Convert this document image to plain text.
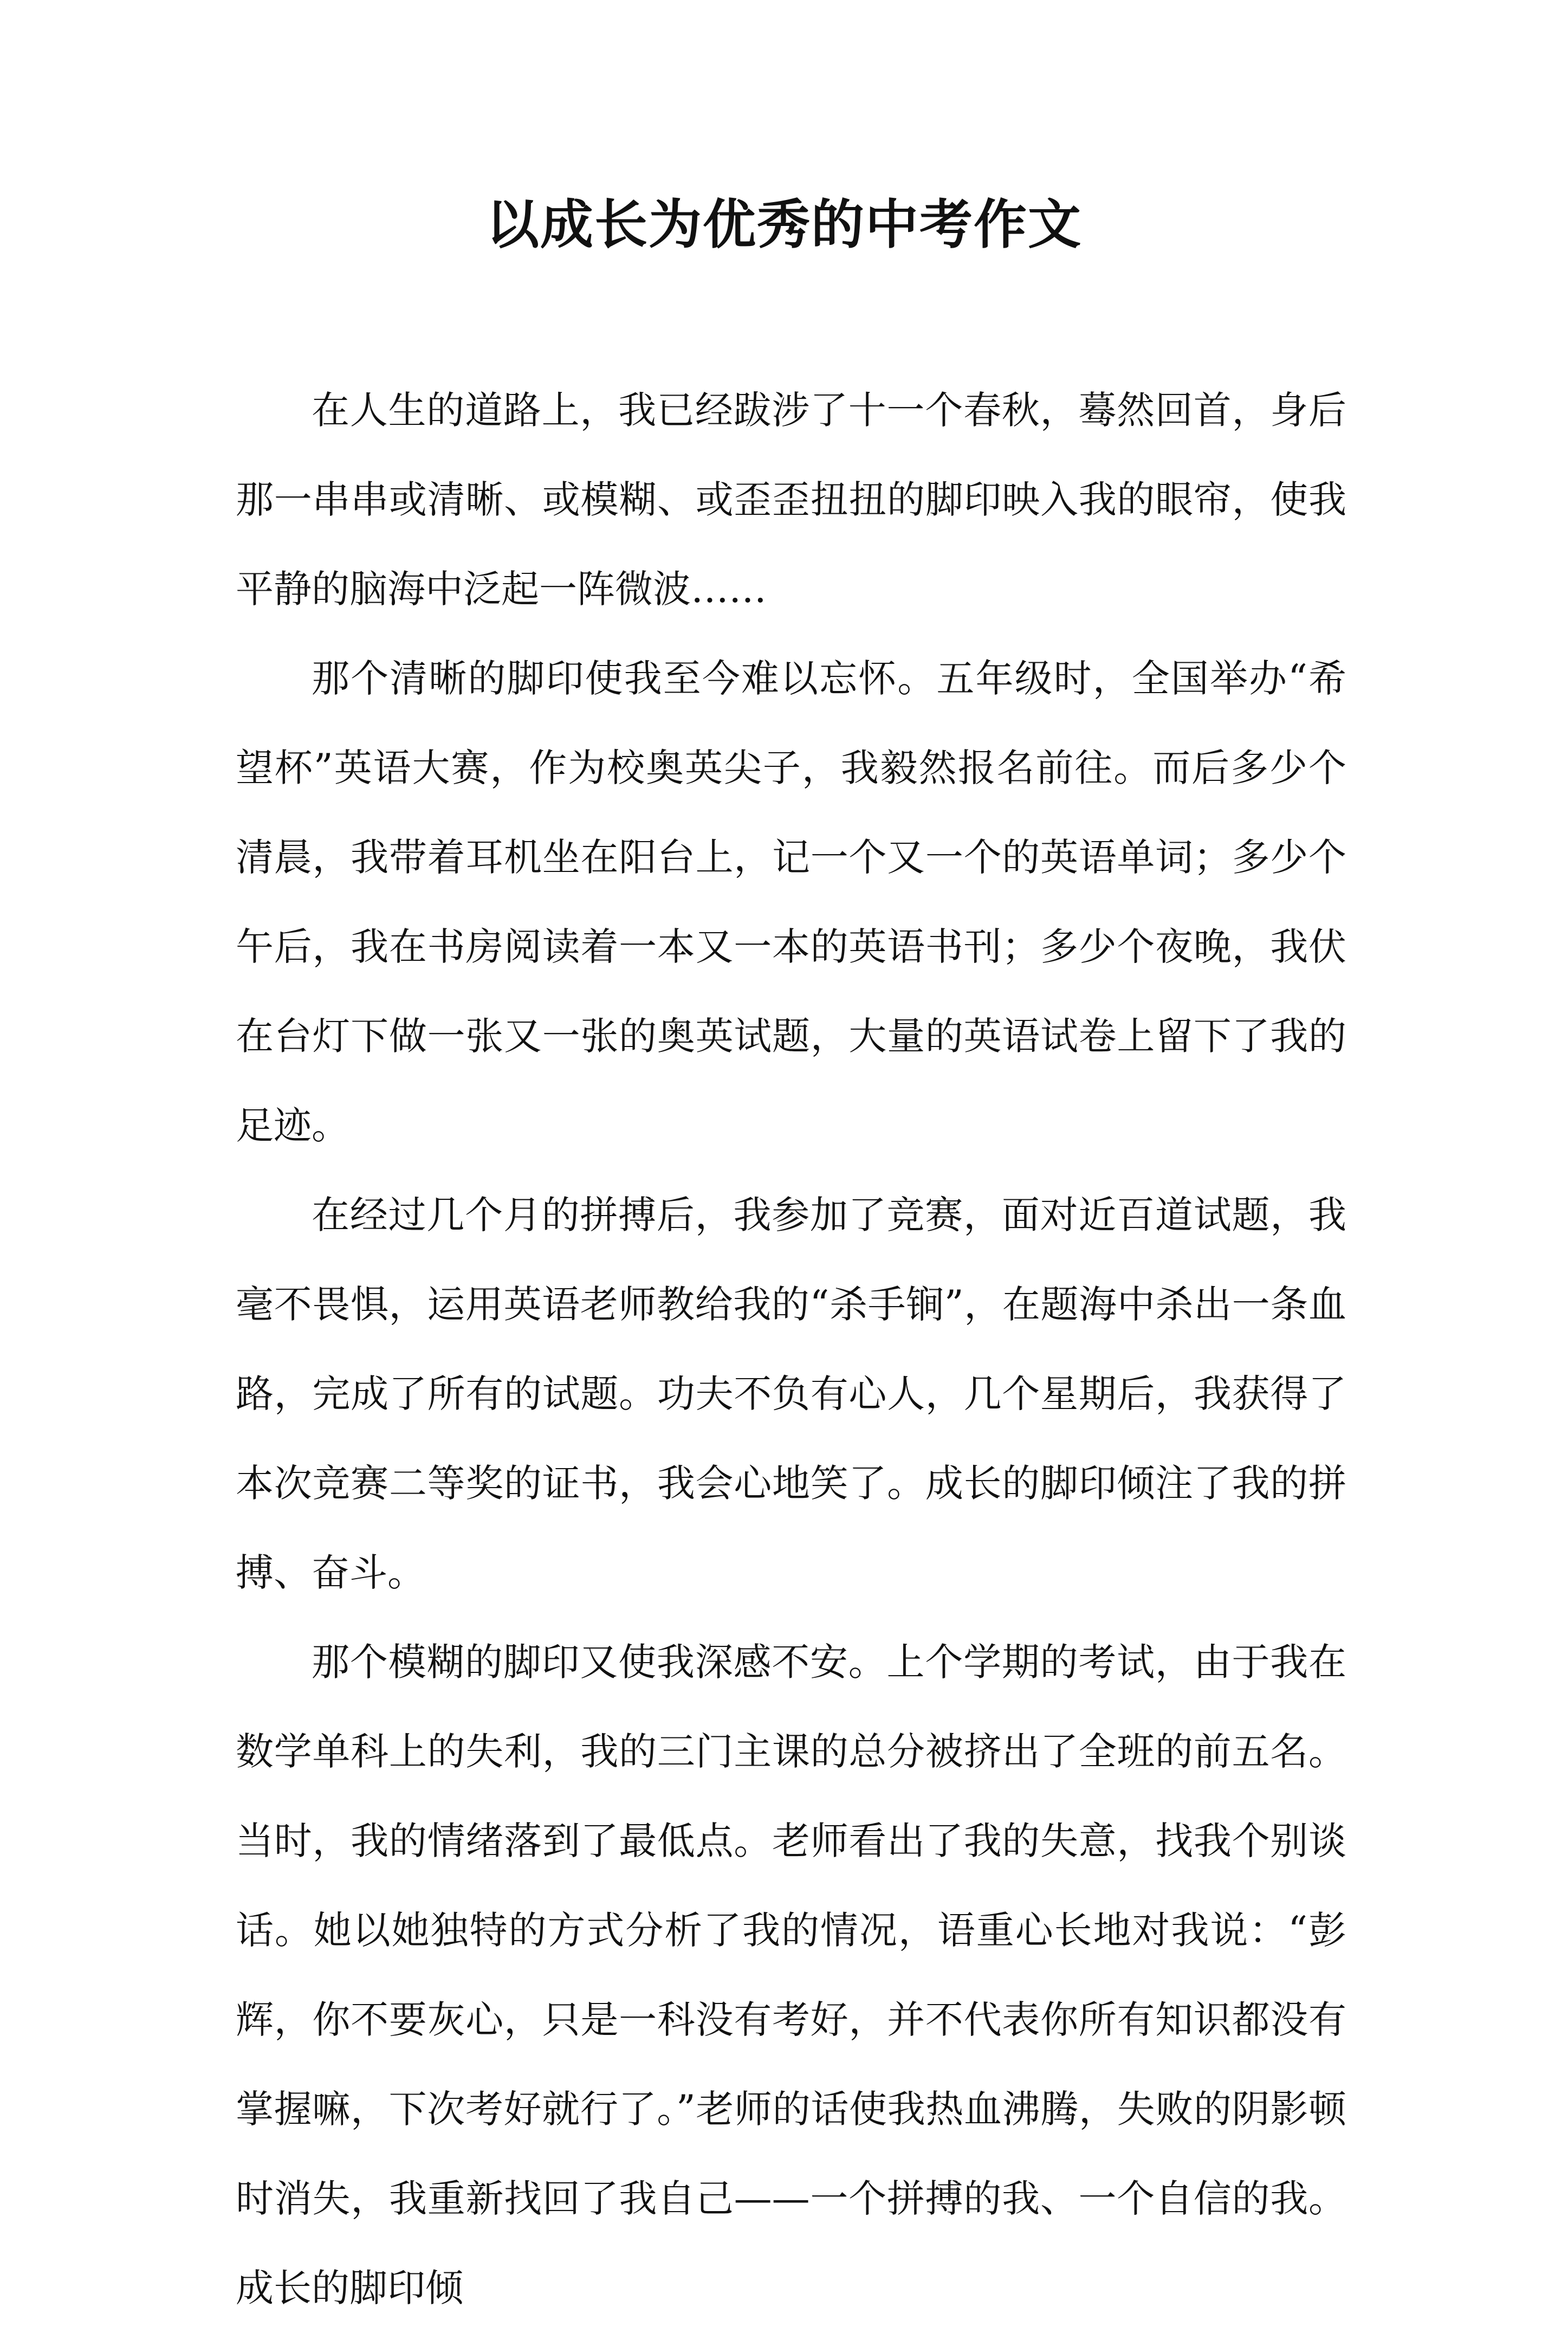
以成长为优秀的中考作文

在人生的道路上，我已经跋涉了十一个春秋，蓦然回首，身后那一串串或清晰、或模糊、或歪歪扭扭的脚印映入我的眼帘，使我平静的脑海中泛起一阵微波……

那个清晰的脚印使我至今难以忘怀。五年级时，全国举办“希望杯”英语大赛，作为校奥英尖子，我毅然报名前往。而后多少个清晨，我带着耳机坐在阳台上，记一个又一个的英语单词；多少个午后，我在书房阅读着一本又一本的英语书刊；多少个夜晚，我伏在台灯下做一张又一张的奥英试题，大量的英语试卷上留下了我的足迹。

在经过几个月的拼搏后，我参加了竞赛，面对近百道试题，我毫不畏惧，运用英语老师教给我的“杀手锏”，在题海中杀出一条血路，完成了所有的试题。功夫不负有心人，几个星期后，我获得了本次竞赛二等奖的证书，我会心地笑了。成长的脚印倾注了我的拼搏、奋斗。

那个模糊的脚印又使我深感不安。上个学期的考试，由于我在数学单科上的失利，我的三门主课的总分被挤出了全班的前五名。当时，我的情绪落到了最低点。老师看出了我的失意，找我个别谈话。她以她独特的方式分析了我的情况，语重心长地对我说：“彭辉，你不要灰心，只是一科没有考好，并不代表你所有知识都没有掌握嘛，下次考好就行了。”老师的话使我热血沸腾，失败的阴影顿时消失，我重新找回了我自己——一个拼搏的我、一个自信的我。成长的脚印倾
